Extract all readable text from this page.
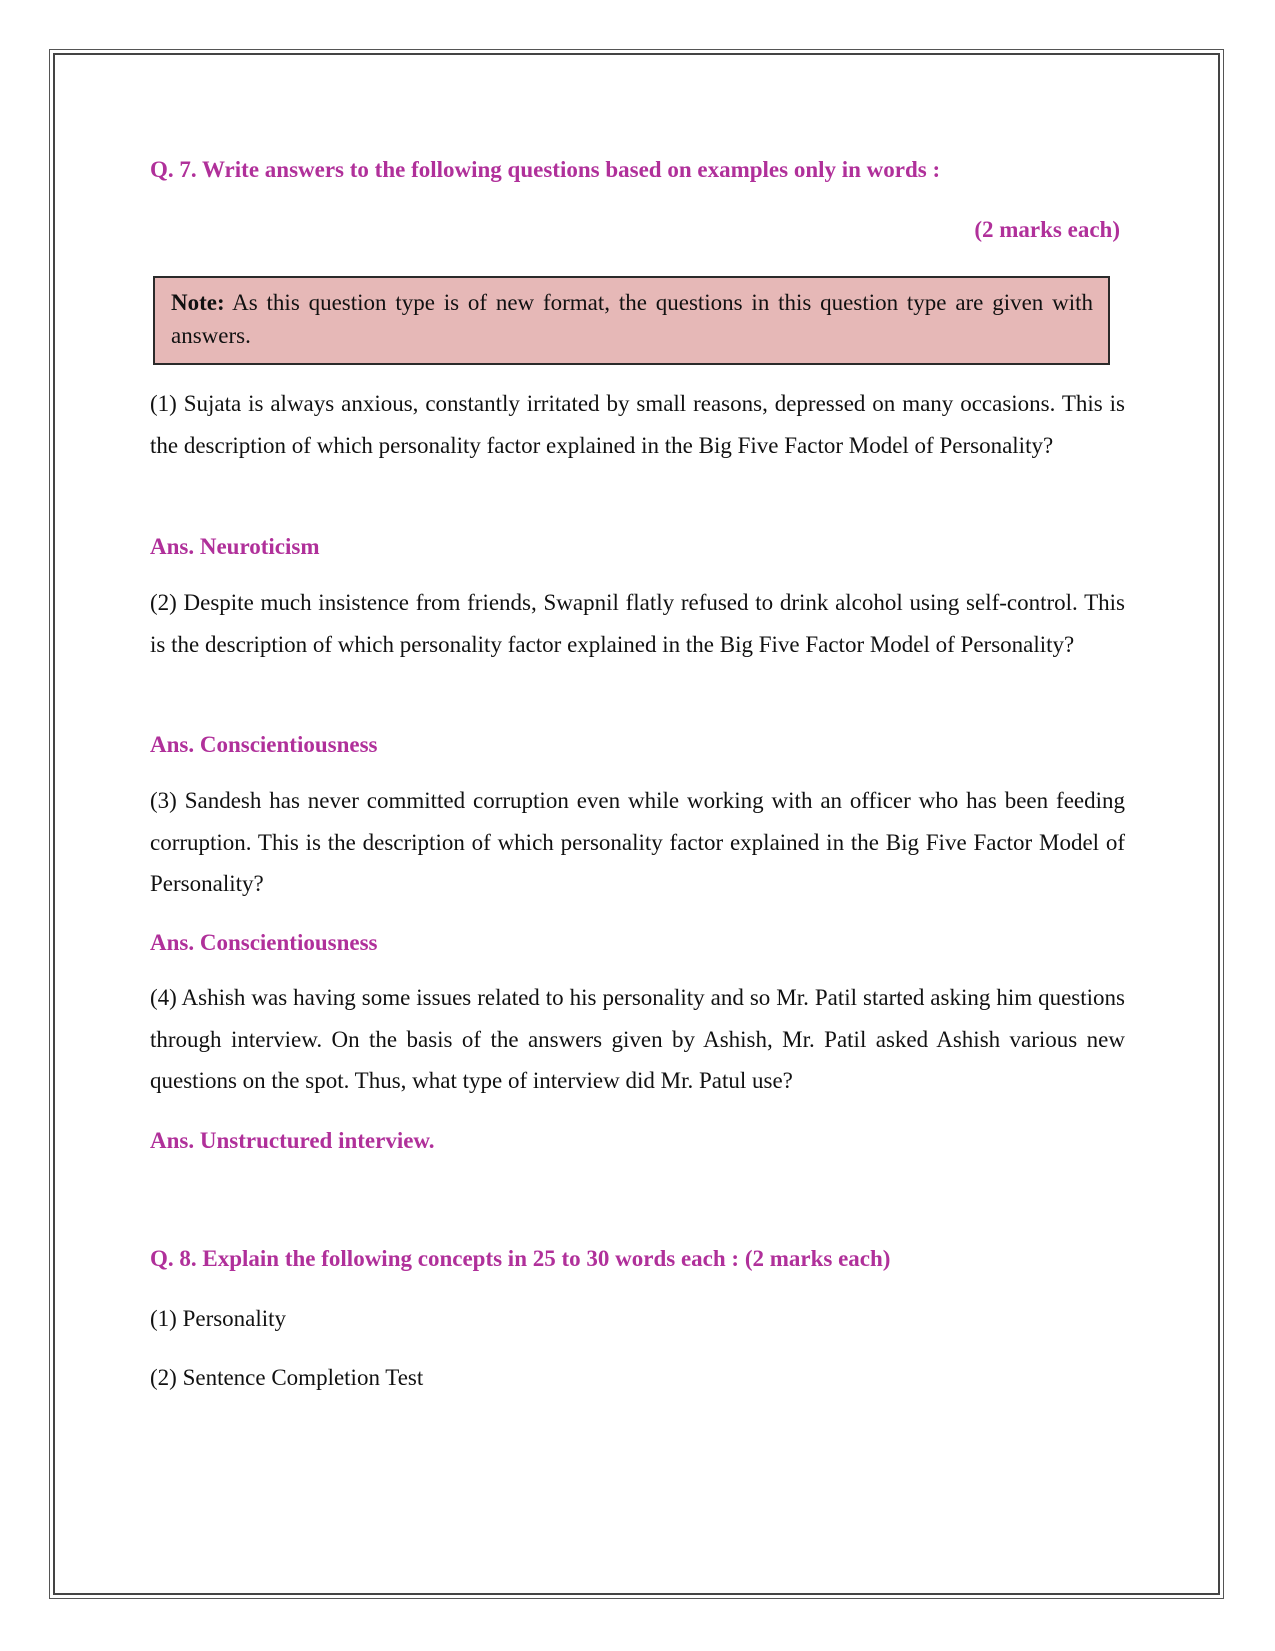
Q. 7. Write answers to the following questions based on examples only in words :
(2 marks each)
Note: As this question type is of new format, the questions in this question type are given with answers.

(1) Sujata is always anxious, constantly irritated by small reasons, depressed on many occasions. This is the description of which personality factor explained in the Big Five Factor Model of Personality?

Ans. Neuroticism

(2) Despite much insistence from friends, Swapnil flatly refused to drink alcohol using self-control. This is the description of which personality factor explained in the Big Five Factor Model of Personality?

Ans. Conscientiousness

(3) Sandesh has never committed corruption even while working with an officer who has been feeding corruption. This is the description of which personality factor explained in the Big Five Factor Model of Personality?

Ans. Conscientiousness

(4) Ashish was having some issues related to his personality and so Mr. Patil started asking him questions through interview. On the basis of the answers given by Ashish, Mr. Patil asked Ashish various new questions on the spot. Thus, what type of interview did Mr. Patul use?

Ans. Unstructured interview.
Q. 8. Explain the following concepts in 25 to 30 words each : (2 marks each)
(1) Personality
(2) Sentence Completion Test
